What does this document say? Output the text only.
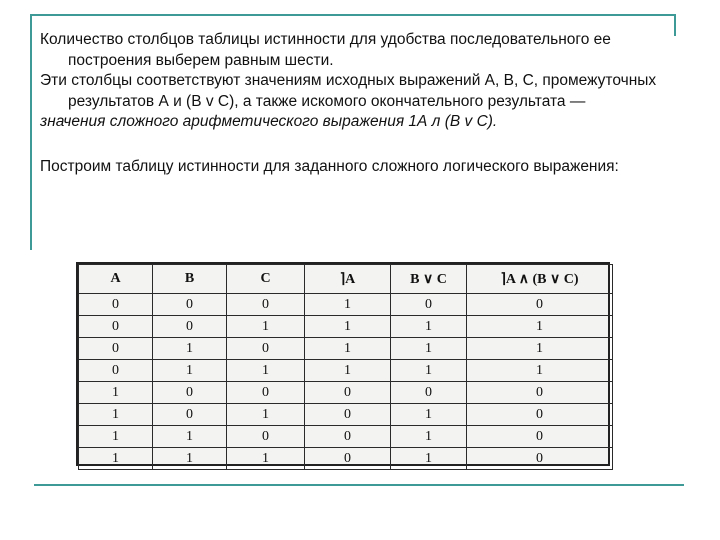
Количество столбцов таблицы истинности для удобства последовательного ее построения выберем равным шести.

Эти столбцы соответствуют значениям исходных выражений А, В, С, промежуточных результатов А и (В v С), а также искомого окончательного результата —

значения сложного арифметического выражения 1А л (В v С).

Построим таблицу истинности для заданного сложного логического выражения:

A	B	C	⌉A	B ∨ C	⌉A ∧ (B ∨ C)
0	0	0	1	0	0
0	0	1	1	1	1
0	1	0	1	1	1
0	1	1	1	1	1
1	0	0	0	0	0
1	0	1	0	1	0
1	1	0	0	1	0
1	1	1	0	1	0
